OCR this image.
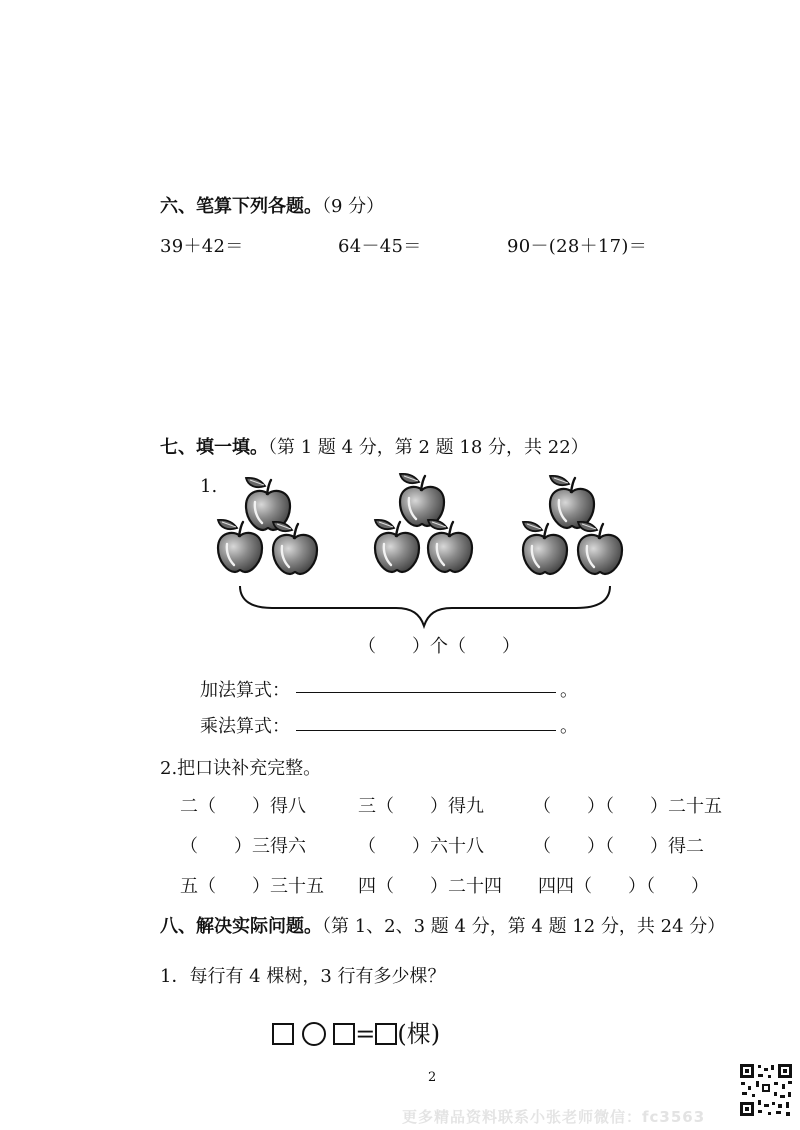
六、笔算下列各题。（9 分）
39＋42＝	64－45＝	90－(28＋17)＝
七、填一填。（第 1 题 4 分，第 2 题 18 分，共 22）
1.
（　　）个（　　）
加法算式：	。
乘法算式：	。
2.把口诀补充完整。
二（　　）得八	三（　　）得九	（　　）（　　）二十五
（　　）三得六	（　　）六十八	（　　）（　　）得二
五（　　）三十五 四（　　）二十四 四四（　　）（　　）
八、解决实际问题。（第 1、2、3 题 4 分，第 4 题 12 分，共 24 分）
1．每行有 4 棵树，3 行有多少棵？
= (棵)
2
更多精品资料联系小张老师微信：fc3563
